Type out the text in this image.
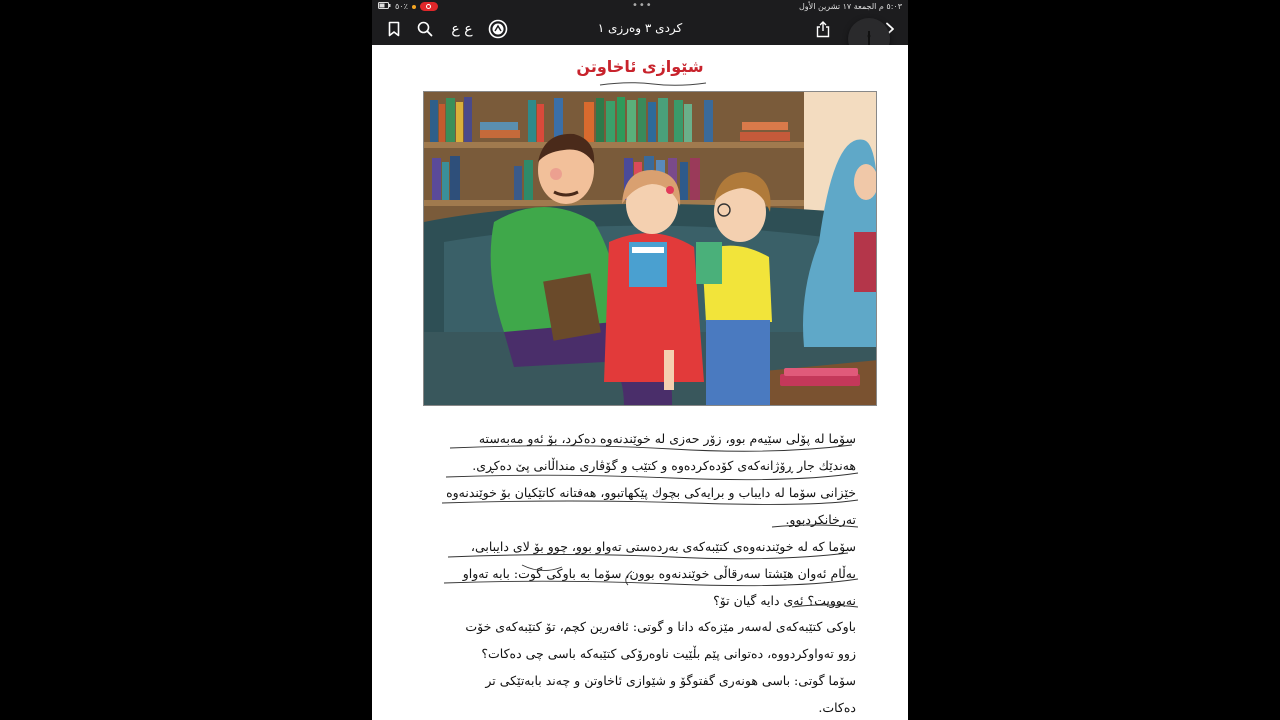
٥٠٪	•••	٥:٠٣ م الجمعة ١٧ تشرين الأول
ع ع	کردی ٣ وەرزی ١
شێوازی ئاخاوتن
سۆما لە پۆلی سێیەم بوو، زۆر حەزی لە خوێندنەوە دەکرد، بۆ ئەو مەبەستە
هەندێك جار ڕۆژانەکەی کۆدەکردەوە و کتێب و گۆڤاری منداڵانی پێ دەکڕی.
خێزانی سۆما لە دایباب و برایەکی بچوك پێکهاتبوو، هەفتانە کاتێکیان بۆ خوێندنەوە
تەرخانکردبوو.
سۆما کە لە خوێندنەوەی کتێبەکەی بەردەستی تەواو بوو، چوو بۆ لای دایبابی،
بەڵام ئەوان هێشتا سەرقاڵی خوێندنەوە بوون، سۆما بە باوکی گوت: بابە تەواو
نەبوویت؟ ئەی دایە گیان تۆ؟
باوکی کتێبەکەی لەسەر مێزەکە دانا و گوتی: ئافەرین کچم، تۆ کتێبەکەی خۆت
زوو تەواوکردووە، دەتوانی پێم بڵێیت ناوەرۆکی کتێبەکە باسی چی دەکات؟
سۆما گوتی: باسی هونەری گفتوگۆ و شێوازی ئاخاوتن و چەند بابەتێکی تر
دەکات.
